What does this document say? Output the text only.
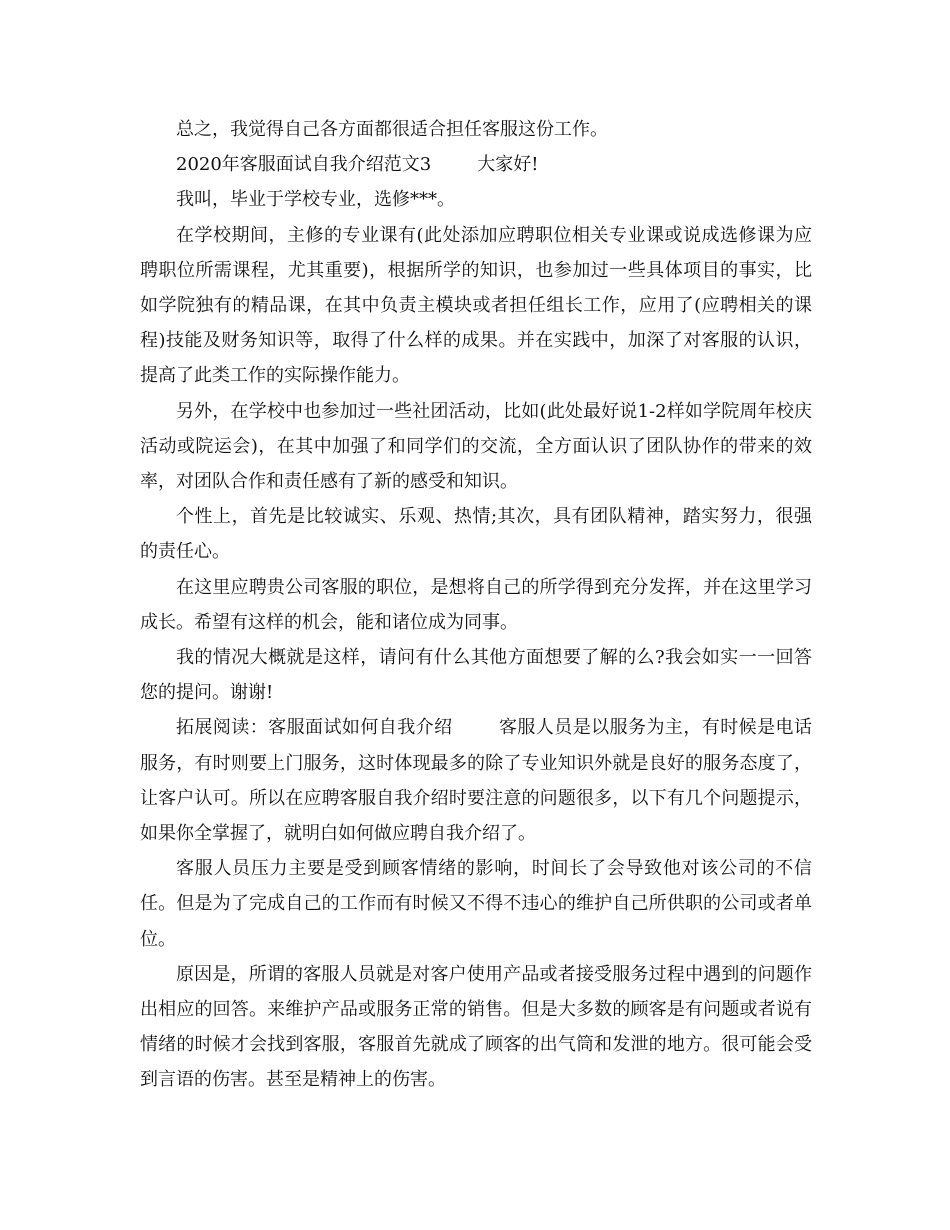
总之，我觉得自己各方面都很适合担任客服这份工作。

2020年客服面试自我介绍范文3	大家好!

我叫，毕业于学校专业，选修***。

在学校期间，主修的专业课有(此处添加应聘职位相关专业课或说成选修课为应聘职位所需课程，尤其重要)，根据所学的知识，也参加过一些具体项目的事实，比如学院独有的精品课，在其中负责主模块或者担任组长工作，应用了(应聘相关的课程)技能及财务知识等，取得了什么样的成果。并在实践中，加深了对客服的认识，提高了此类工作的实际操作能力。

另外，在学校中也参加过一些社团活动，比如(此处最好说1-2样如学院周年校庆活动或院运会)，在其中加强了和同学们的交流，全方面认识了团队协作的带来的效率，对团队合作和责任感有了新的感受和知识。

个性上，首先是比较诚实、乐观、热情;其次，具有团队精神，踏实努力，很强的责任心。

在这里应聘贵公司客服的职位，是想将自己的所学得到充分发挥，并在这里学习成长。希望有这样的机会，能和诸位成为同事。

我的情况大概就是这样，请问有什么其他方面想要了解的么?我会如实一一回答您的提问。谢谢!

拓展阅读：客服面试如何自我介绍	客服人员是以服务为主，有时候是电话服务，有时则要上门服务，这时体现最多的除了专业知识外就是良好的服务态度了，让客户认可。所以在应聘客服自我介绍时要注意的问题很多，以下有几个问题提示，如果你全掌握了，就明白如何做应聘自我介绍了。

客服人员压力主要是受到顾客情绪的影响，时间长了会导致他对该公司的不信任。但是为了完成自己的工作而有时候又不得不违心的维护自己所供职的公司或者单位。

原因是，所谓的客服人员就是对客户使用产品或者接受服务过程中遇到的问题作出相应的回答。来维护产品或服务正常的销售。但是大多数的顾客是有问题或者说有情绪的时候才会找到客服，客服首先就成了顾客的出气筒和发泄的地方。很可能会受到言语的伤害。甚至是精神上的伤害。
